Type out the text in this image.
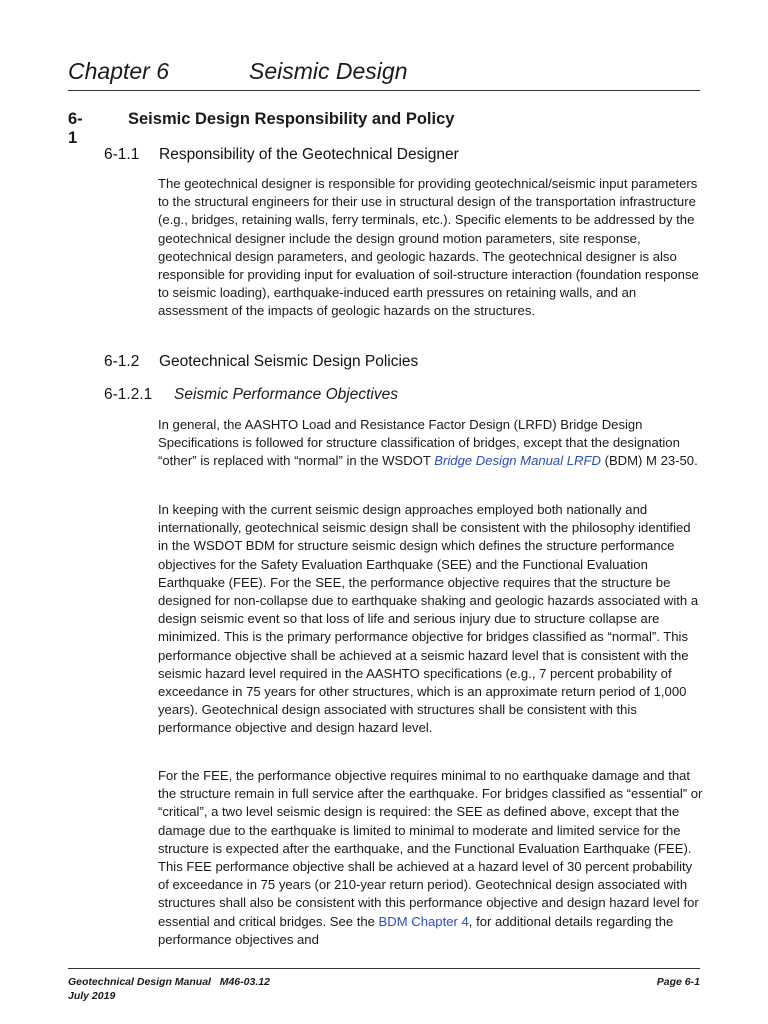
Chapter 6	Seismic Design
6-1
Seismic Design Responsibility and Policy
6-1.1 Responsibility of the Geotechnical Designer
The geotechnical designer is responsible for providing geotechnical/seismic input parameters to the structural engineers for their use in structural design of the transportation infrastructure (e.g., bridges, retaining walls, ferry terminals, etc.). Specific elements to be addressed by the geotechnical designer include the design ground motion parameters, site response, geotechnical design parameters, and geologic hazards. The geotechnical designer is also responsible for providing input for evaluation of soil-structure interaction (foundation response to seismic loading), earthquake-induced earth pressures on retaining walls, and an assessment of the impacts of geologic hazards on the structures.
6-1.2 Geotechnical Seismic Design Policies
6-1.2.1 Seismic Performance Objectives
In general, the AASHTO Load and Resistance Factor Design (LRFD) Bridge Design Specifications is followed for structure classification of bridges, except that the designation “other” is replaced with “normal” in the WSDOT Bridge Design Manual LRFD (BDM) M 23-50.
In keeping with the current seismic design approaches employed both nationally and internationally, geotechnical seismic design shall be consistent with the philosophy identified in the WSDOT BDM for structure seismic design which defines the structure performance objectives for the Safety Evaluation Earthquake (SEE) and the Functional Evaluation Earthquake (FEE). For the SEE, the performance objective requires that the structure be designed for non-collapse due to earthquake shaking and geologic hazards associated with a design seismic event so that loss of life and serious injury due to structure collapse are minimized. This is the primary performance objective for bridges classified as “normal”. This performance objective shall be achieved at a seismic hazard level that is consistent with the seismic hazard level required in the AASHTO specifications (e.g., 7 percent probability of exceedance in 75 years for other structures, which is an approximate return period of 1,000 years). Geotechnical design associated with structures shall be consistent with this performance objective and design hazard level.
For the FEE, the performance objective requires minimal to no earthquake damage and that the structure remain in full service after the earthquake. For bridges classified as “essential” or “critical”, a two level seismic design is required: the SEE as defined above, except that the damage due to the earthquake is limited to minimal to moderate and limited service for the structure is expected after the earthquake, and the Functional Evaluation Earthquake (FEE). This FEE performance objective shall be achieved at a hazard level of 30 percent probability of exceedance in 75 years (or 210-year return period). Geotechnical design associated with structures shall also be consistent with this performance objective and design hazard level for essential and critical bridges. See the BDM Chapter 4, for additional details regarding the performance objectives and
Geotechnical Design Manual M46-03.12
July 2019
Page 6-1
